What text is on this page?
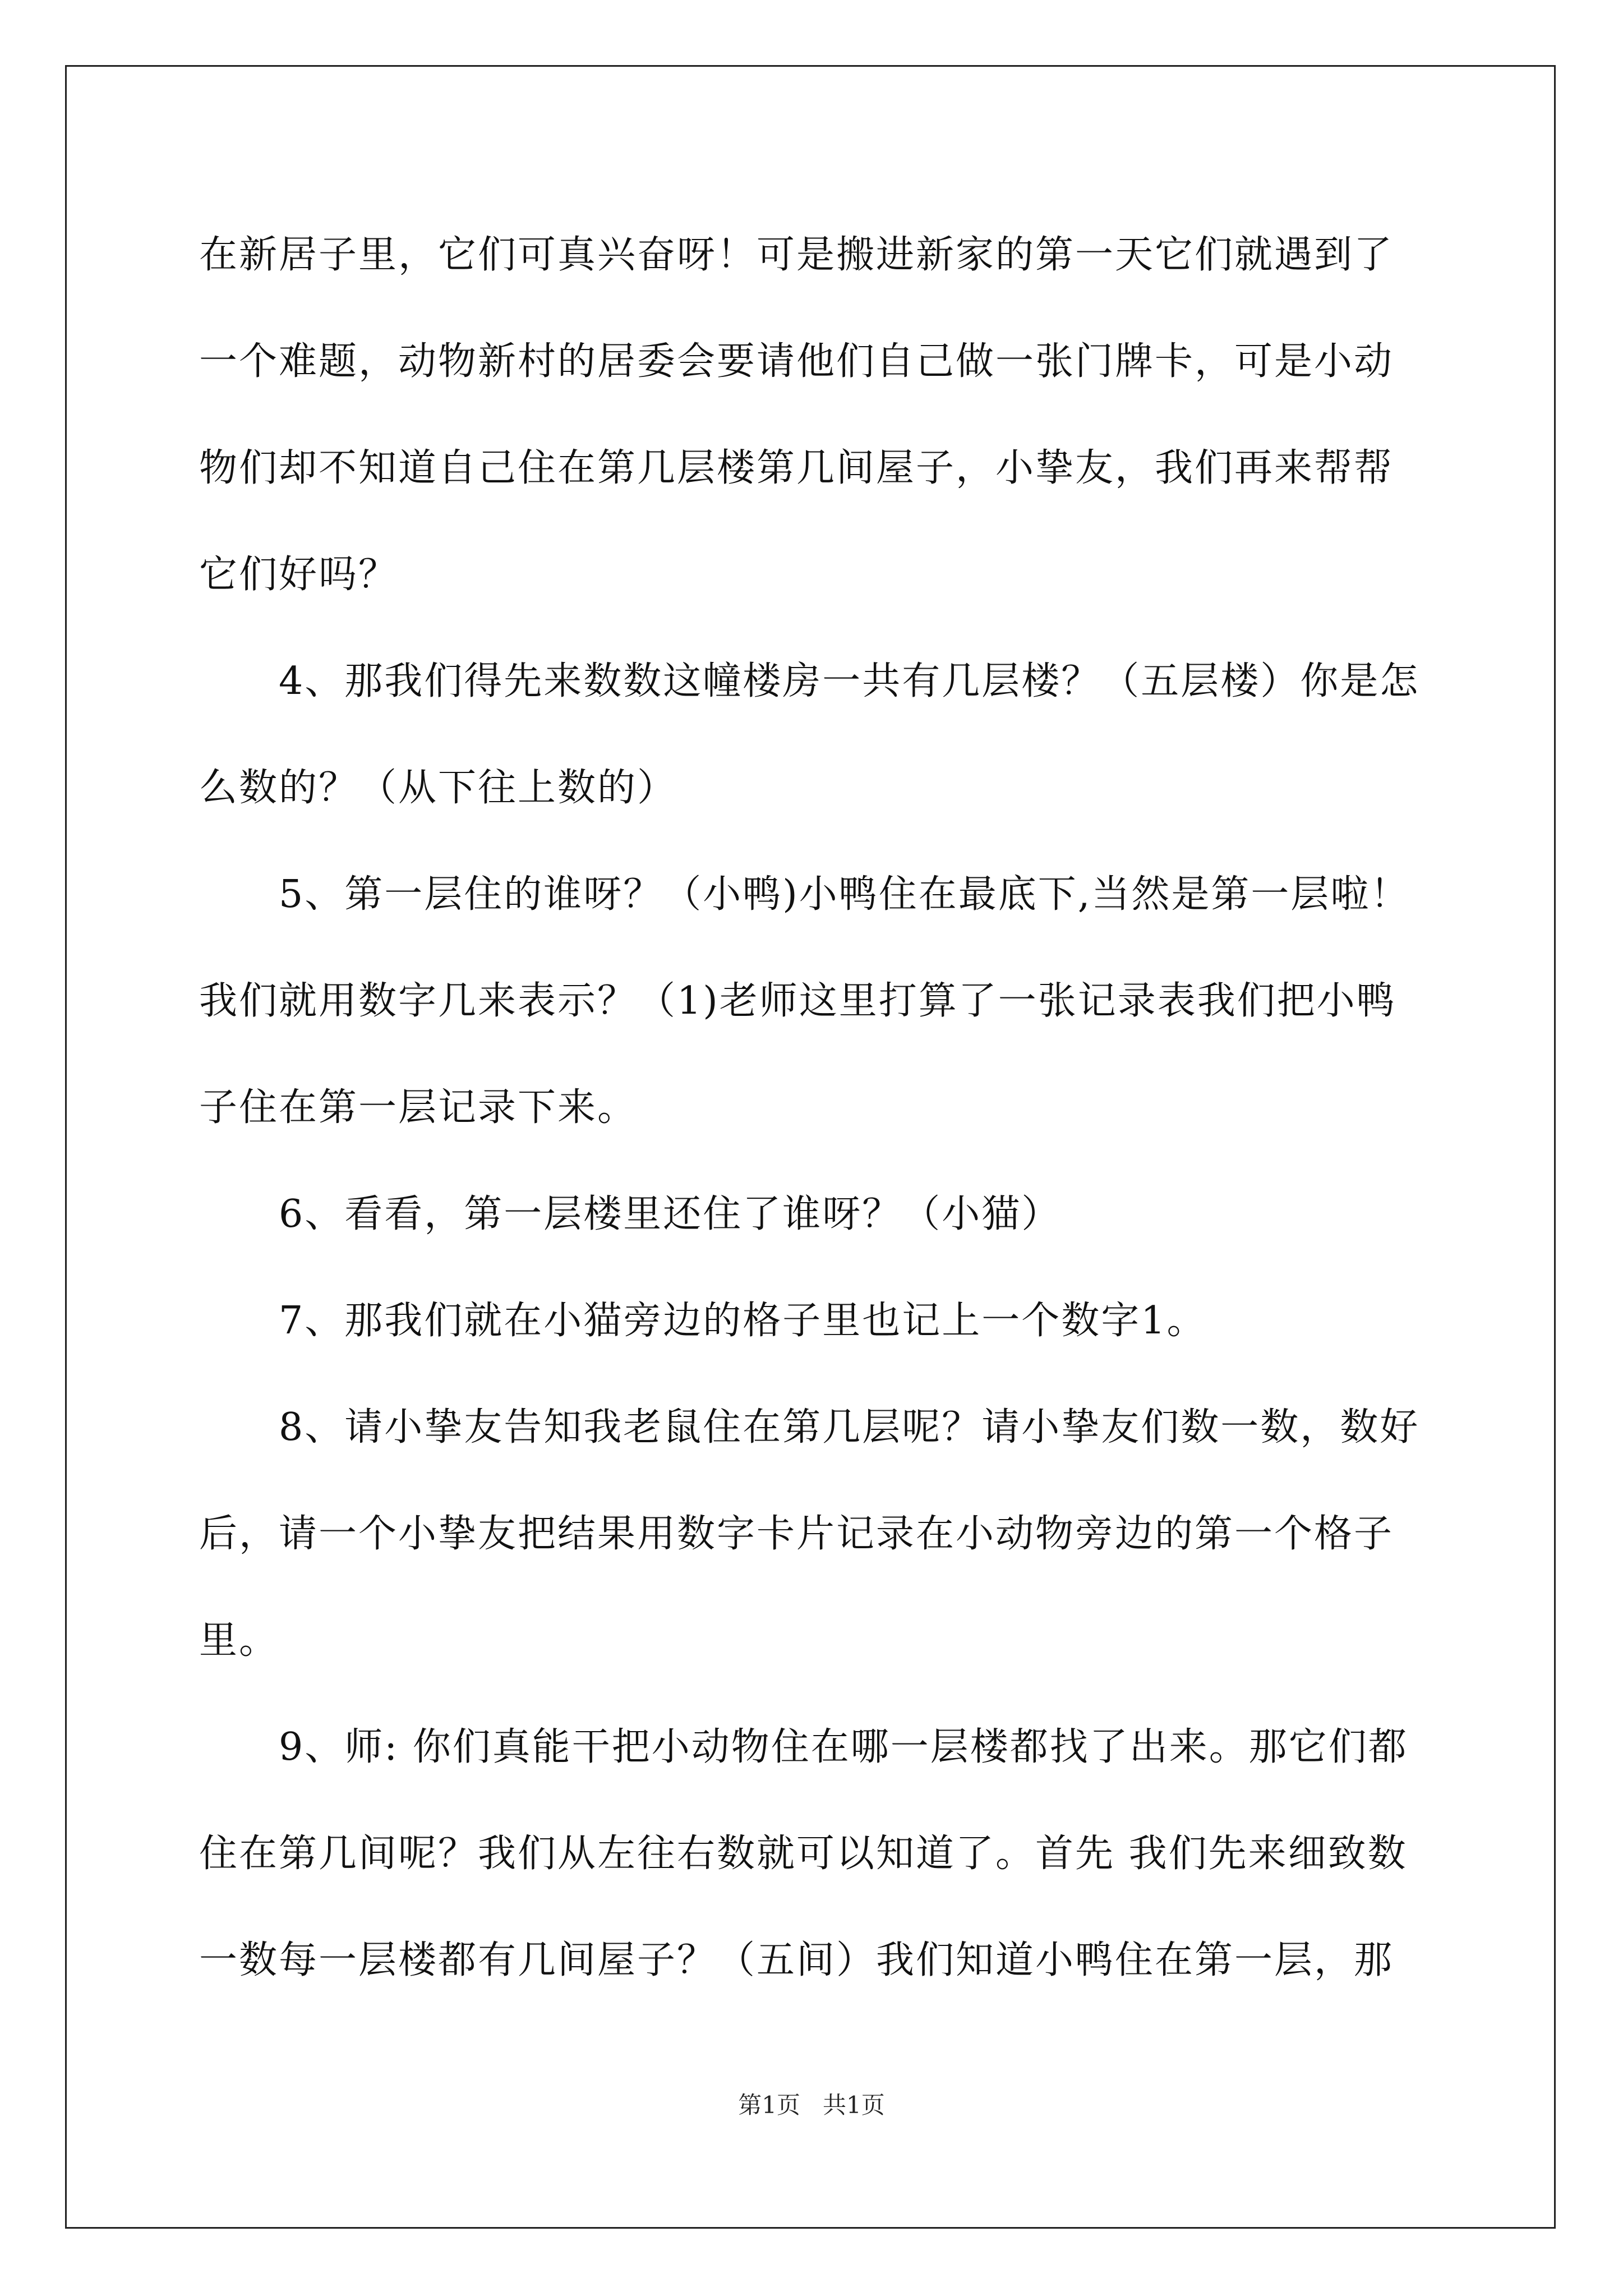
在新居子里，它们可真兴奋呀！可是搬进新家的第一天它们就遇到了
一个难题，动物新村的居委会要请他们自己做一张门牌卡，可是小动
物们却不知道自己住在第几层楼第几间屋子，小挚友，我们再来帮帮
它们好吗？
　　4、那我们得先来数数这幢楼房一共有几层楼？（五层楼）你是怎
么数的？（从下往上数的）
　　5、第一层住的谁呀？（小鸭)小鸭住在最底下,当然是第一层啦！
我们就用数字几来表示？（1)老师这里打算了一张记录表我们把小鸭
子住在第一层记录下来。
　　6、看看，第一层楼里还住了谁呀？（小猫）
　　7、那我们就在小猫旁边的格子里也记上一个数字1。
　　8、请小挚友告知我老鼠住在第几层呢？请小挚友们数一数，数好
后，请一个小挚友把结果用数字卡片记录在小动物旁边的第一个格子
里。
　　9、师: 你们真能干把小动物住在哪一层楼都找了出来。那它们都
住在第几间呢？我们从左往右数就可以知道了。首先 我们先来细致数
一数每一层楼都有几间屋子？（五间）我们知道小鸭住在第一层，那
第1页   共1页
